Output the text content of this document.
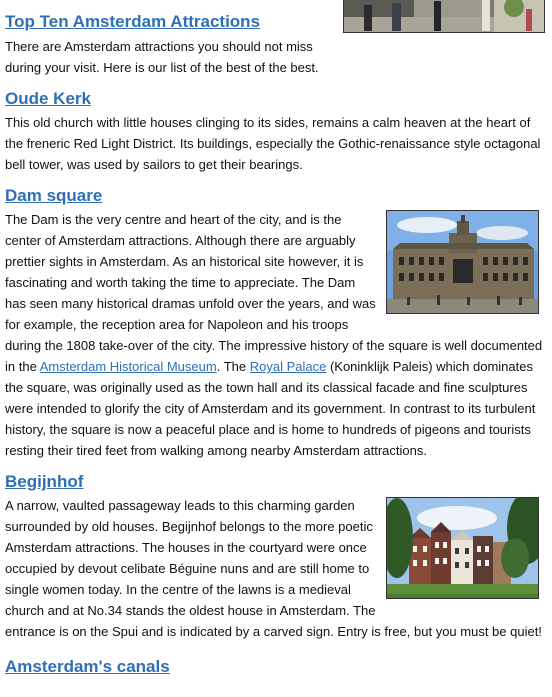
Top Ten Amsterdam Attractions

There are Amsterdam attractions you should not miss during your visit. Here is our list of the best of the best.

Oude Kerk

This old church with little houses clinging to its sides, remains a calm heaven at the heart of the freneric Red Light District. Its buildings, especially the Gothic-renaissance style octagonal bell tower, was used by sailors to get their bearings.

Dam square

The Dam is the very centre and heart of the city, and is the center of Amsterdam attractions. Although there are arguably prettier sights in Amsterdam. As an historical site however, it is fascinating and worth taking the time to appreciate. The Dam has seen many historical dramas unfold over the years, and was for example, the reception area for Napoleon and his troops during the 1808 take-over of the city. The impressive history of the square is well documented in the Amsterdam Historical Museum. The Royal Palace (Koninklijk Paleis) which dominates the square, was originally used as the town hall and its classical facade and fine sculptures were intended to glorify the city of Amsterdam and its government. In contrast to its turbulent history, the square is now a peaceful place and is home to hundreds of pigeons and tourists resting their tired feet from walking among nearby Amsterdam attractions.

Begijnhof

A narrow, vaulted passageway leads to this charming garden surrounded by old houses. Begijnhof belongs to the more poetic Amsterdam attractions. The houses in the courtyard were once occupied by devout celibate Béguine nuns and are still home to single women today. In the centre of the lawns is a medieval church and at No.34 stands the oldest house in Amsterdam. The entrance is on the Spui and is indicated by a carved sign. Entry is free, but you must be quiet!

Amsterdam's canals
